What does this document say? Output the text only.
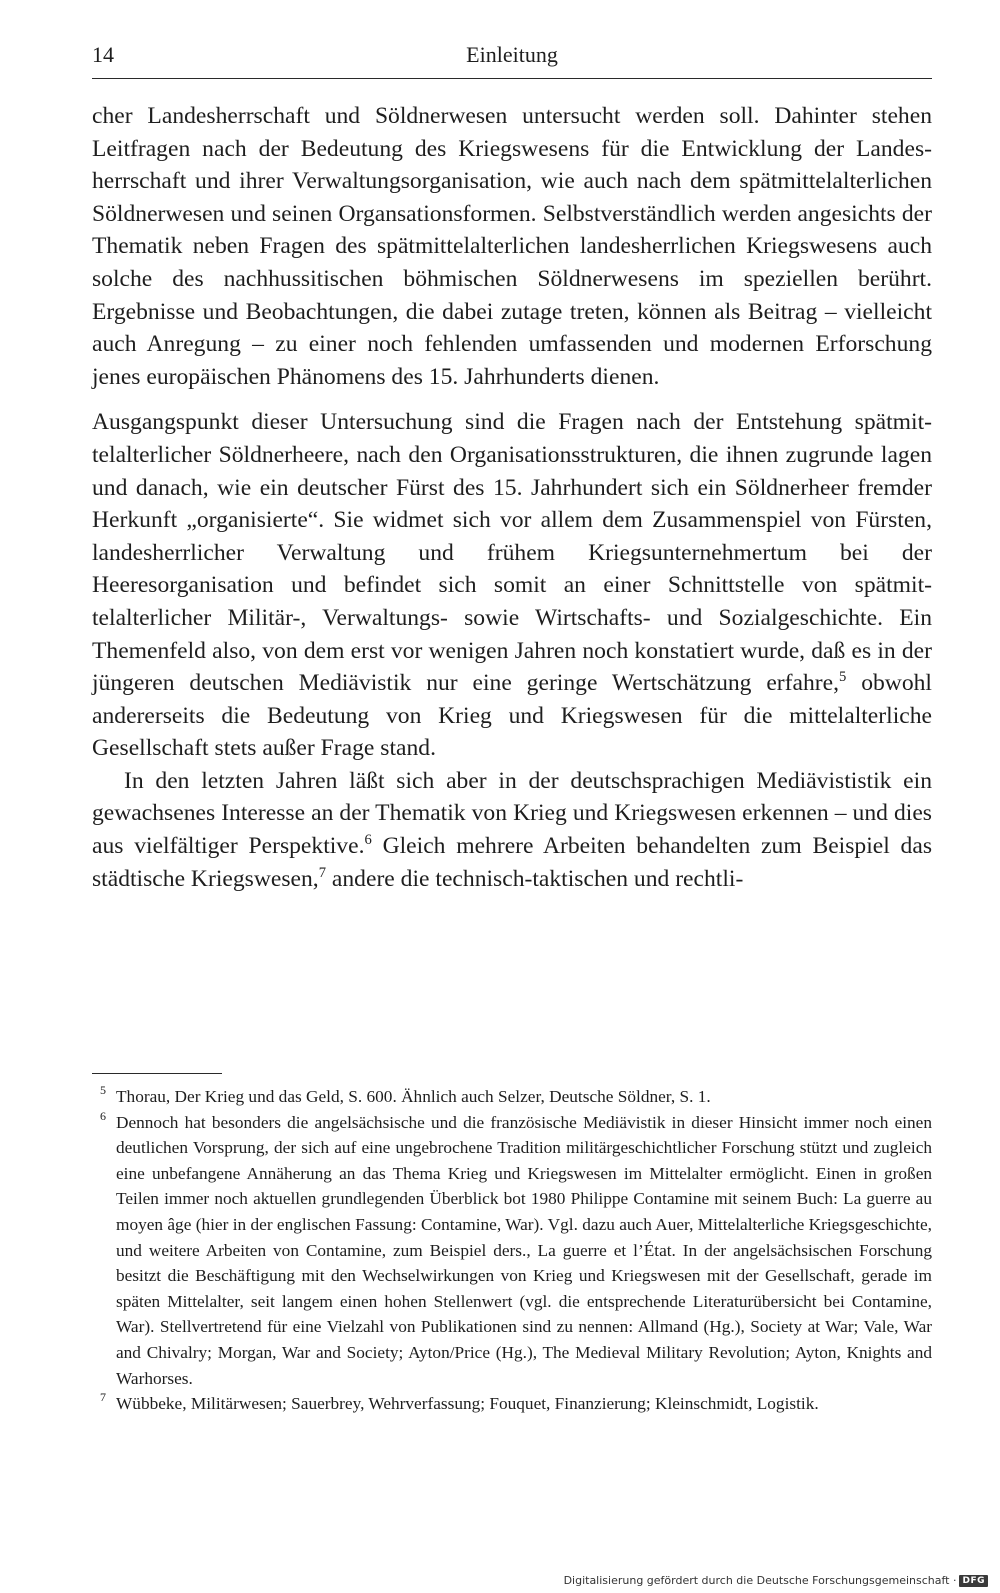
14	Einleitung

cher Landesherrschaft und Söldnerwesen untersucht werden soll. Dahinter stehen Leitfragen nach der Bedeutung des Kriegswesens für die Entwicklung der Landesherrschaft und ihrer Verwaltungsorganisation, wie auch nach dem spätmittelalterlichen Söldnerwesen und seinen Organsationsformen. Selbstverständlich werden angesichts der Thematik neben Fragen des spätmittelalterlichen landesherrlichen Kriegswesens auch solche des nachhussitischen böhmischen Söldnerwesens im speziellen berührt. Ergebnisse und Beobachtungen, die dabei zutage treten, können als Beitrag – vielleicht auch Anregung – zu einer noch fehlenden umfassenden und modernen Erforschung jenes europäischen Phänomens des 15. Jahrhunderts dienen.

Ausgangspunkt dieser Untersuchung sind die Fragen nach der Entstehung spätmittelalterlicher Söldnerheere, nach den Organisationsstrukturen, die ihnen zugrunde lagen und danach, wie ein deutscher Fürst des 15. Jahrhundert sich ein Söldnerheer fremder Herkunft „organisierte“. Sie widmet sich vor allem dem Zusammenspiel von Fürsten, landesherrlicher Verwaltung und frühem Kriegsunternehmertum bei der Heeresorganisation und befindet sich somit an einer Schnittstelle von spätmittelalterlicher Militär-, Verwaltungs- sowie Wirtschafts- und Sozialgeschichte. Ein Themenfeld also, von dem erst vor wenigen Jahren noch konstatiert wurde, daß es in der jüngeren deutschen Mediävistik nur eine geringe Wertschätzung erfahre,$^5$ obwohl andererseits die Bedeutung von Krieg und Kriegswesen für die mittelalterliche Gesellschaft stets außer Frage stand.

In den letzten Jahren läßt sich aber in der deutschsprachigen Mediävististik ein gewachsenes Interesse an der Thematik von Krieg und Kriegswesen erkennen – und dies aus vielfältiger Perspektive.$^6$ Gleich mehrere Arbeiten behandelten zum Beispiel das städtische Kriegswesen,$^7$ andere die technisch-taktischen und rechtli-

5 Thorau, Der Krieg und das Geld, S. 600. Ähnlich auch Selzer, Deutsche Söldner, S. 1.
6 Dennoch hat besonders die angelsächsische und die französische Mediävistik in dieser Hinsicht immer noch einen deutlichen Vorsprung, der sich auf eine ungebrochene Tradition militärgeschichtlicher Forschung stützt und zugleich eine unbefangene Annäherung an das Thema Krieg und Kriegswesen im Mittelalter ermöglicht. Einen in großen Teilen immer noch aktuellen grundlegenden Überblick bot 1980 Philippe Contamine mit seinem Buch: La guerre au moyen âge (hier in der englischen Fassung: Contamine, War). Vgl. dazu auch Auer, Mittelalterliche Kriegsgeschichte, und weitere Arbeiten von Contamine, zum Beispiel ders., La guerre et l’État. In der angelsächsischen Forschung besitzt die Beschäftigung mit den Wechselwirkungen von Krieg und Kriegswesen mit der Gesellschaft, gerade im späten Mittelalter, seit langem einen hohen Stellenwert (vgl. die entsprechende Literaturübersicht bei Contamine, War). Stellvertretend für eine Vielzahl von Publikationen sind zu nennen: Allmand (Hg.), Society at War; Vale, War and Chivalry; Morgan, War and Society; Ayton/Price (Hg.), The Medieval Military Revolution; Ayton, Knights and Warhorses.
7 Wübbeke, Militärwesen; Sauerbrey, Wehrverfassung; Fouquet, Finanzierung; Kleinschmidt, Logistik.
Digitalisierung gefördert durch die Deutsche Forschungsgemeinschaft · DFG
